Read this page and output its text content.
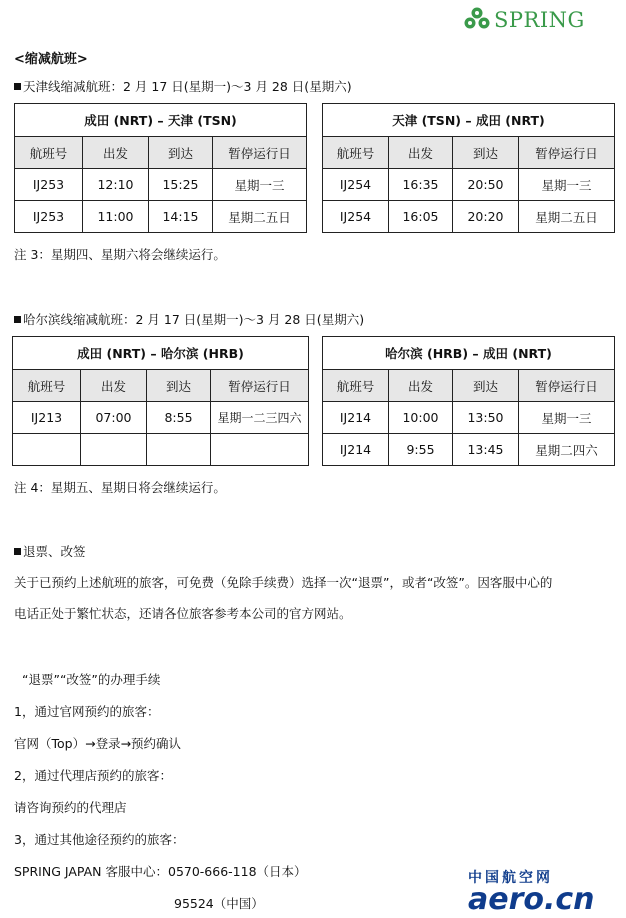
SPRING
<缩减航班>
天津线缩减航班：2 月 17 日(星期一)～3 月 28 日(星期六)
成田 (NRT) – 天津 (TSN)			
航班号	出发	到达	暂停运行日
IJ253	12:10	15:25	星期一三
IJ253	11:00	14:15	星期二五日
天津 (TSN) – 成田 (NRT)			
航班号	出发	到达	暂停运行日
IJ254	16:35	20:50	星期一三
IJ254	16:05	20:20	星期二五日
注 3：星期四、星期六将会继续运行。
哈尔滨线缩减航班：2 月 17 日(星期一)～3 月 28 日(星期六)
成田 (NRT) – 哈尔滨 (HRB)			
航班号	出发	到达	暂停运行日
IJ213	07:00	8:55	星期一二三四六

哈尔滨 (HRB) – 成田 (NRT)			
航班号	出发	到达	暂停运行日
IJ214	10:00	13:50	星期一三
IJ214	9:55	13:45	星期二四六
注 4：星期五、星期日将会继续运行。
退票、改签
关于已预约上述航班的旅客，可免费（免除手续费）选择一次“退票”，或者“改签”。因客服中心的
电话正处于繁忙状态，还请各位旅客参考本公司的官方网站。
“退票”“改签”的办理手续
1，通过官网预约的旅客：
官网（Top）→登录→预约确认
2，通过代理店预约的旅客：
请咨询预约的代理店
3，通过其他途径预约的旅客：
SPRING JAPAN 客服中心：0570-666-118（日本）
95524（中国）
中国航空网
aero.cn
